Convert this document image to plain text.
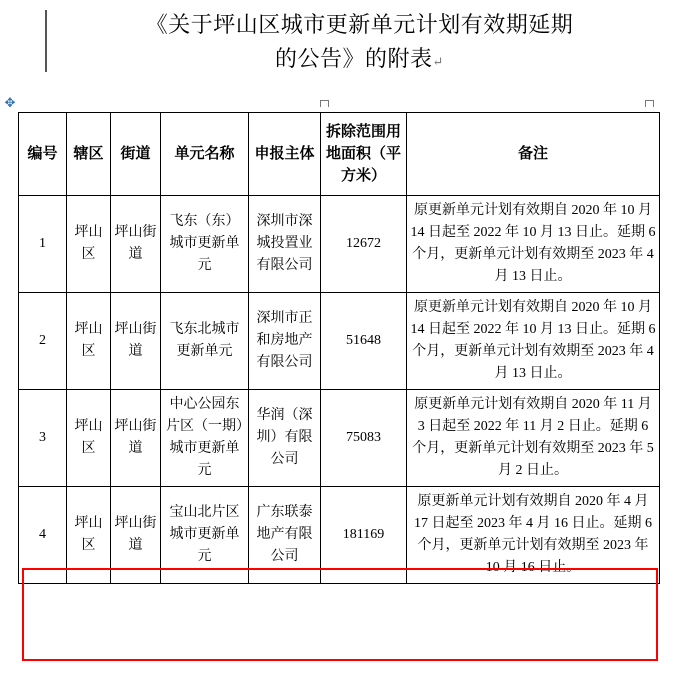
《关于坪山区城市更新单元计划有效期延期
的公告》的附表↵
✥
编号	辖区	街道	单元名称	申报主体	拆除范围用地面积（平方米）	备注
1	坪山区	坪山街道	飞东（东）城市更新单元	深圳市深城投置业有限公司	12672	原更新单元计划有效期自 2020 年 10 月 14 日起至 2022 年 10 月 13 日止。延期 6 个月，更新单元计划有效期至 2023 年 4 月 13 日止。
2	坪山区	坪山街道	飞东北城市更新单元	深圳市正和房地产有限公司	51648	原更新单元计划有效期自 2020 年 10 月 14 日起至 2022 年 10 月 13 日止。延期 6 个月，更新单元计划有效期至 2023 年 4 月 13 日止。
3	坪山区	坪山街道	中心公园东片区（一期）城市更新单元	华润（深圳）有限公司	75083	原更新单元计划有效期自 2020 年 11 月 3 日起至 2022 年 11 月 2 日止。延期 6 个月，更新单元计划有效期至 2023 年 5 月 2 日止。
4	坪山区	坪山街道	宝山北片区城市更新单元	广东联泰地产有限公司	181169	原更新单元计划有效期自 2020 年 4 月 17 日起至 2023 年 4 月 16 日止。延期 6 个月，更新单元计划有效期至 2023 年 10 月 16 日止。
